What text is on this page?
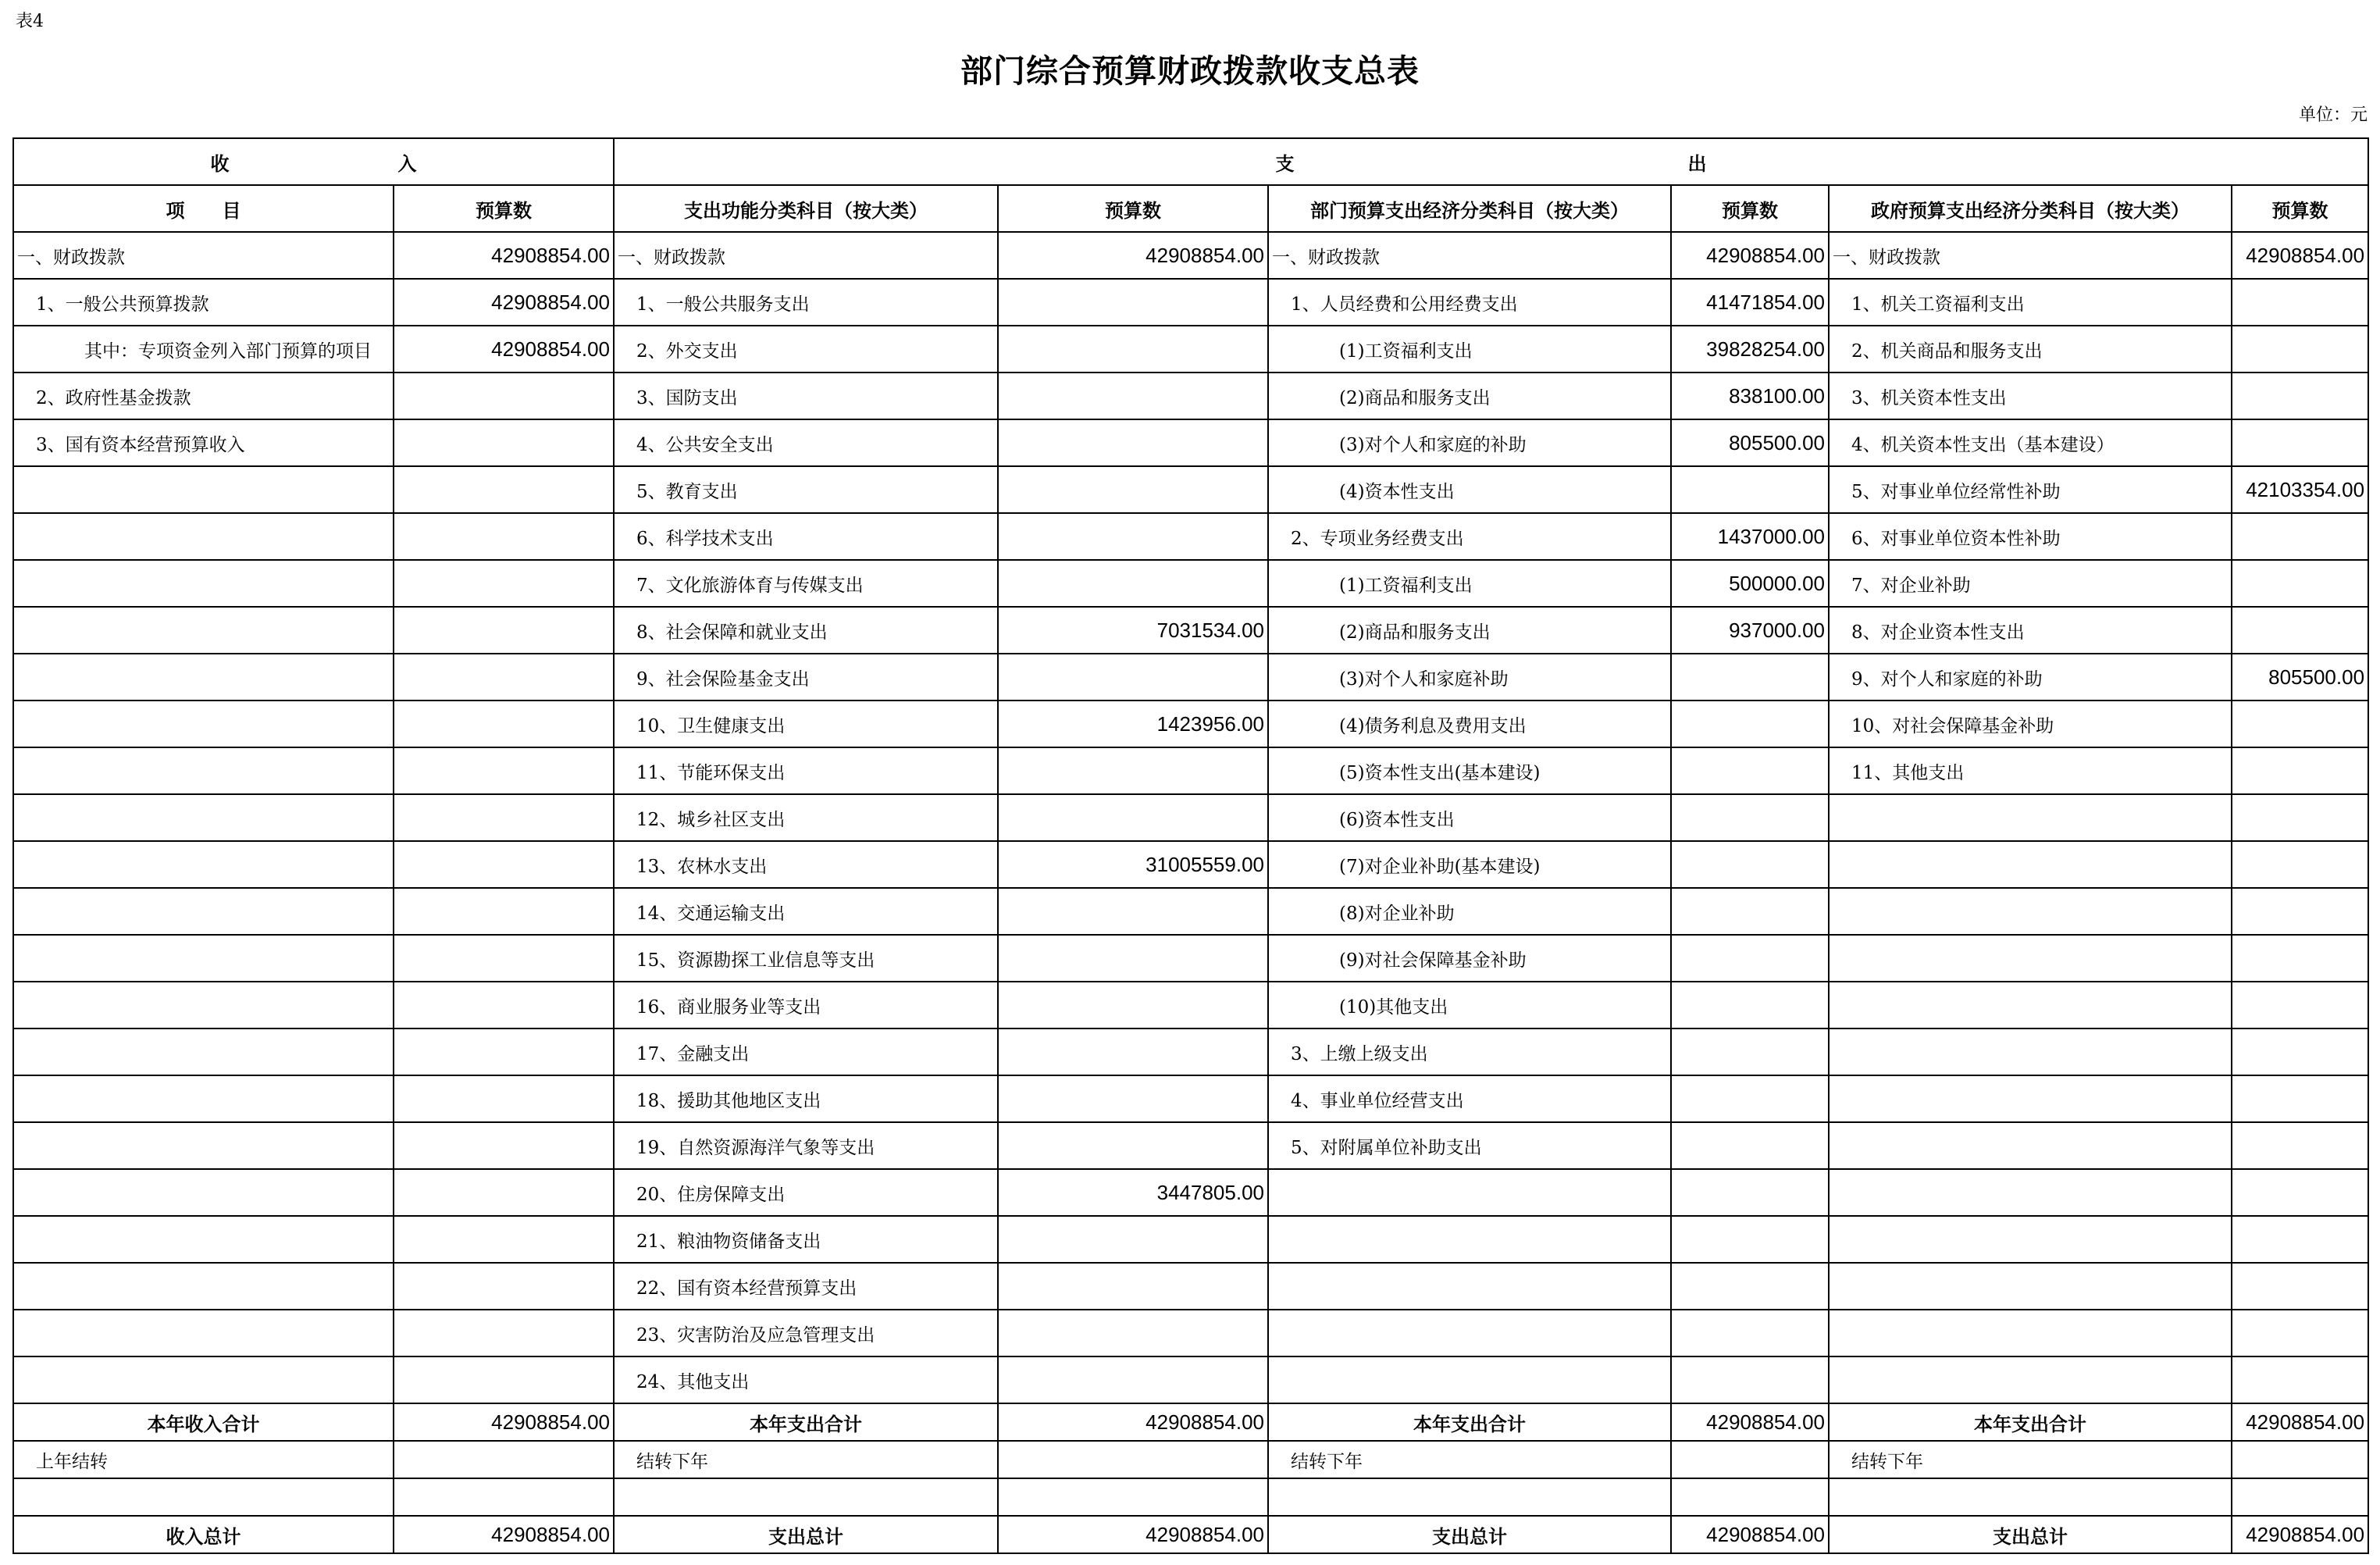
表4
部门综合预算财政拨款收支总表
单位：元
收　　　　　　　　　入		支　　　　　　　　　　　　　　　　　　　　　出					
项　　目	预算数	支出功能分类科目（按大类）	预算数	部门预算支出经济分类科目（按大类）	预算数	政府预算支出经济分类科目（按大类）	预算数
一、财政拨款	42908854.00	一、财政拨款	42908854.00	一、财政拨款	42908854.00	一、财政拨款	42908854.00
1、一般公共预算拨款	42908854.00	1、一般公共服务支出		1、人员经费和公用经费支出	41471854.00	1、机关工资福利支出	
其中：专项资金列入部门预算的项目	42908854.00	2、外交支出		(1)工资福利支出	39828254.00	2、机关商品和服务支出	
2、政府性基金拨款		3、国防支出		(2)商品和服务支出	838100.00	3、机关资本性支出	
3、国有资本经营预算收入		4、公共安全支出		(3)对个人和家庭的补助	805500.00	4、机关资本性支出（基本建设）	
		5、教育支出		(4)资本性支出		5、对事业单位经常性补助	42103354.00
		6、科学技术支出		2、专项业务经费支出	1437000.00	6、对事业单位资本性补助	
		7、文化旅游体育与传媒支出		(1)工资福利支出	500000.00	7、对企业补助	
		8、社会保障和就业支出	7031534.00	(2)商品和服务支出	937000.00	8、对企业资本性支出	
		9、社会保险基金支出		(3)对个人和家庭补助		9、对个人和家庭的补助	805500.00
		10、卫生健康支出	1423956.00	(4)债务利息及费用支出		10、对社会保障基金补助	
		11、节能环保支出		(5)资本性支出(基本建设)		11、其他支出	
		12、城乡社区支出		(6)资本性支出			
		13、农林水支出	31005559.00	(7)对企业补助(基本建设)			
		14、交通运输支出		(8)对企业补助			
		15、资源勘探工业信息等支出		(9)对社会保障基金补助			
		16、商业服务业等支出		(10)其他支出			
		17、金融支出		3、上缴上级支出			
		18、援助其他地区支出		4、事业单位经营支出			
		19、自然资源海洋气象等支出		5、对附属单位补助支出			
		20、住房保障支出	3447805.00				
		21、粮油物资储备支出					
		22、国有资本经营预算支出					
		23、灾害防治及应急管理支出					
		24、其他支出					
本年收入合计	42908854.00	本年支出合计	42908854.00	本年支出合计	42908854.00	本年支出合计	42908854.00
上年结转		结转下年		结转下年		结转下年	

收入总计	42908854.00	支出总计	42908854.00	支出总计	42908854.00	支出总计	42908854.00
